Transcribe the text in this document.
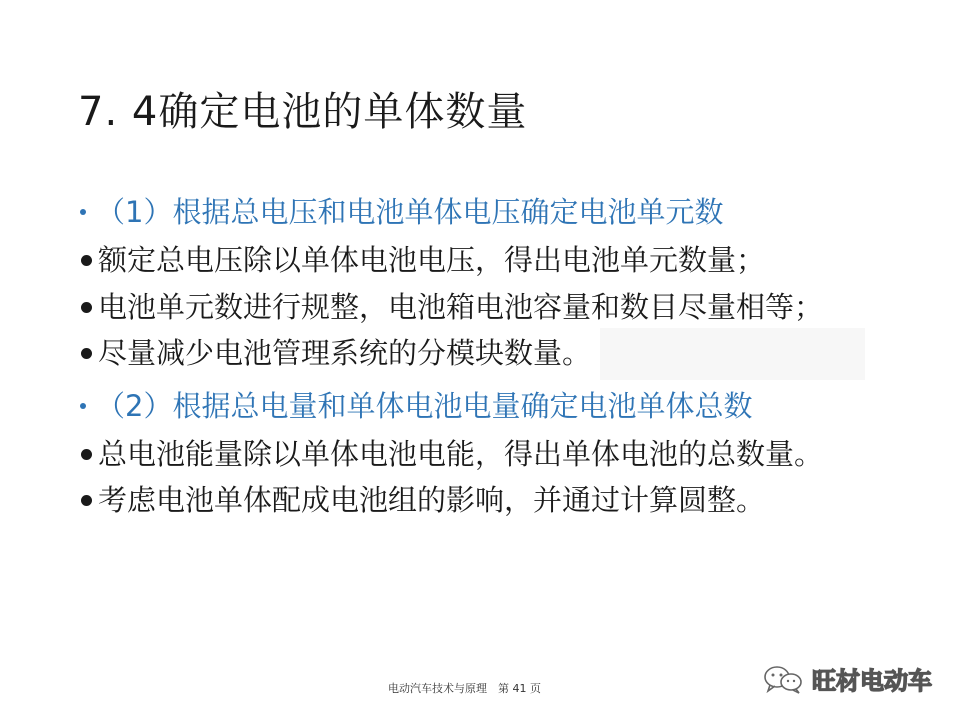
7. 4确定电池的单体数量
（1）根据总电压和电池单体电压确定电池单元数
额定总电压除以单体电池电压，得出电池单元数量；
电池单元数进行规整，电池箱电池容量和数目尽量相等；
尽量减少电池管理系统的分模块数量。
（2）根据总电量和单体电池电量确定电池单体总数
总电池能量除以单体电池电能，得出单体电池的总数量。
考虑电池单体配成电池组的影响，并通过计算圆整。
电动汽车技术与原理　第 41 页	旺材电动车
